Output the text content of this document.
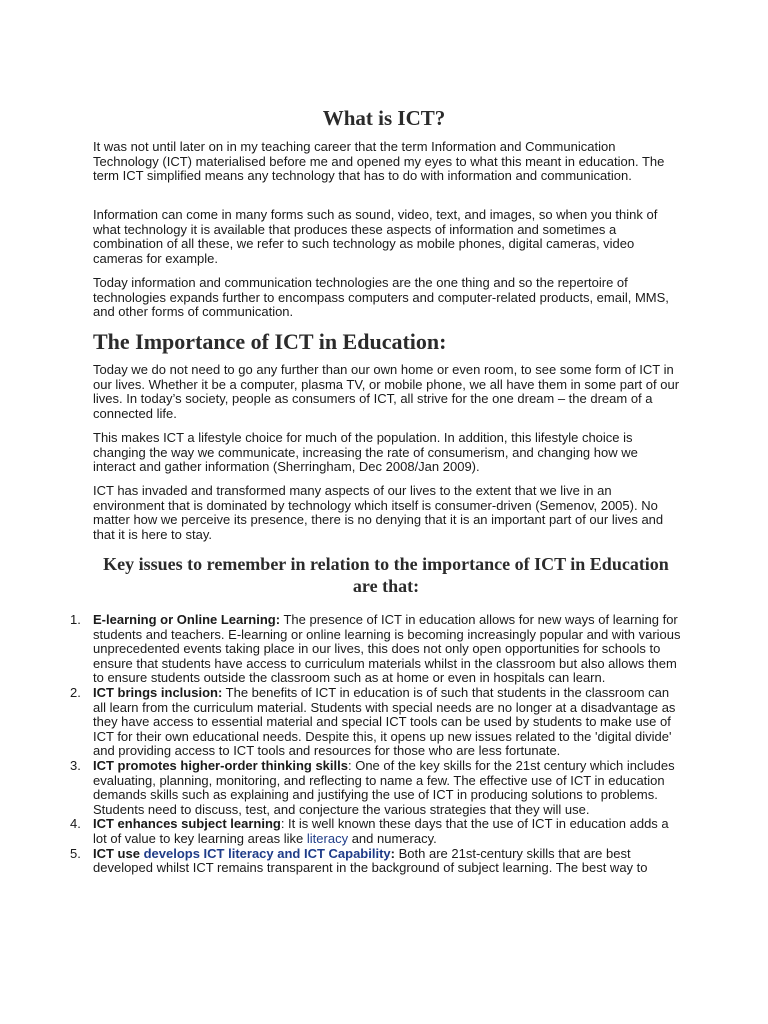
What is ICT?

It was not until later on in my teaching career that the term Information and Communication Technology (ICT) materialised before me and opened my eyes to what this meant in education. The term ICT simplified means any technology that has to do with information and communication.

Information can come in many forms such as sound, video, text, and images, so when you think of what technology it is available that produces these aspects of information and sometimes a combination of all these, we refer to such technology as mobile phones, digital cameras, video cameras for example.

Today information and communication technologies are the one thing and so the repertoire of technologies expands further to encompass computers and computer-related products, email, MMS, and other forms of communication.

The Importance of ICT in Education:

Today we do not need to go any further than our own home or even room, to see some form of ICT in our lives. Whether it be a computer, plasma TV, or mobile phone, we all have them in some part of our lives. In today’s society, people as consumers of ICT, all strive for the one dream – the dream of a connected life.

This makes ICT a lifestyle choice for much of the population. In addition, this lifestyle choice is changing the way we communicate, increasing the rate of consumerism, and changing how we interact and gather information (Sherringham, Dec 2008/Jan 2009).

ICT has invaded and transformed many aspects of our lives to the extent that we live in an environment that is dominated by technology which itself is consumer-driven (Semenov, 2005). No matter how we perceive its presence, there is no denying that it is an important part of our lives and that it is here to stay.

Key issues to remember in relation to the importance of ICT in Education are that:
1. E-learning or Online Learning: The presence of ICT in education allows for new ways of learning for students and teachers. E-learning or online learning is becoming increasingly popular and with various unprecedented events taking place in our lives, this does not only open opportunities for schools to ensure that students have access to curriculum materials whilst in the classroom but also allows them to ensure students outside the classroom such as at home or even in hospitals can learn.
2. ICT brings inclusion: The benefits of ICT in education is of such that students in the classroom can all learn from the curriculum material. Students with special needs are no longer at a disadvantage as they have access to essential material and special ICT tools can be used by students to make use of ICT for their own educational needs. Despite this, it opens up new issues related to the 'digital divide' and providing access to ICT tools and resources for those who are less fortunate.
3. ICT promotes higher-order thinking skills: One of the key skills for the 21st century which includes evaluating, planning, monitoring, and reflecting to name a few. The effective use of ICT in education demands skills such as explaining and justifying the use of ICT in producing solutions to problems. Students need to discuss, test, and conjecture the various strategies that they will use.
4. ICT enhances subject learning: It is well known these days that the use of ICT in education adds a lot of value to key learning areas like literacy and numeracy.
5. ICT use develops ICT literacy and ICT Capability: Both are 21st-century skills that are best developed whilst ICT remains transparent in the background of subject learning. The best way to
